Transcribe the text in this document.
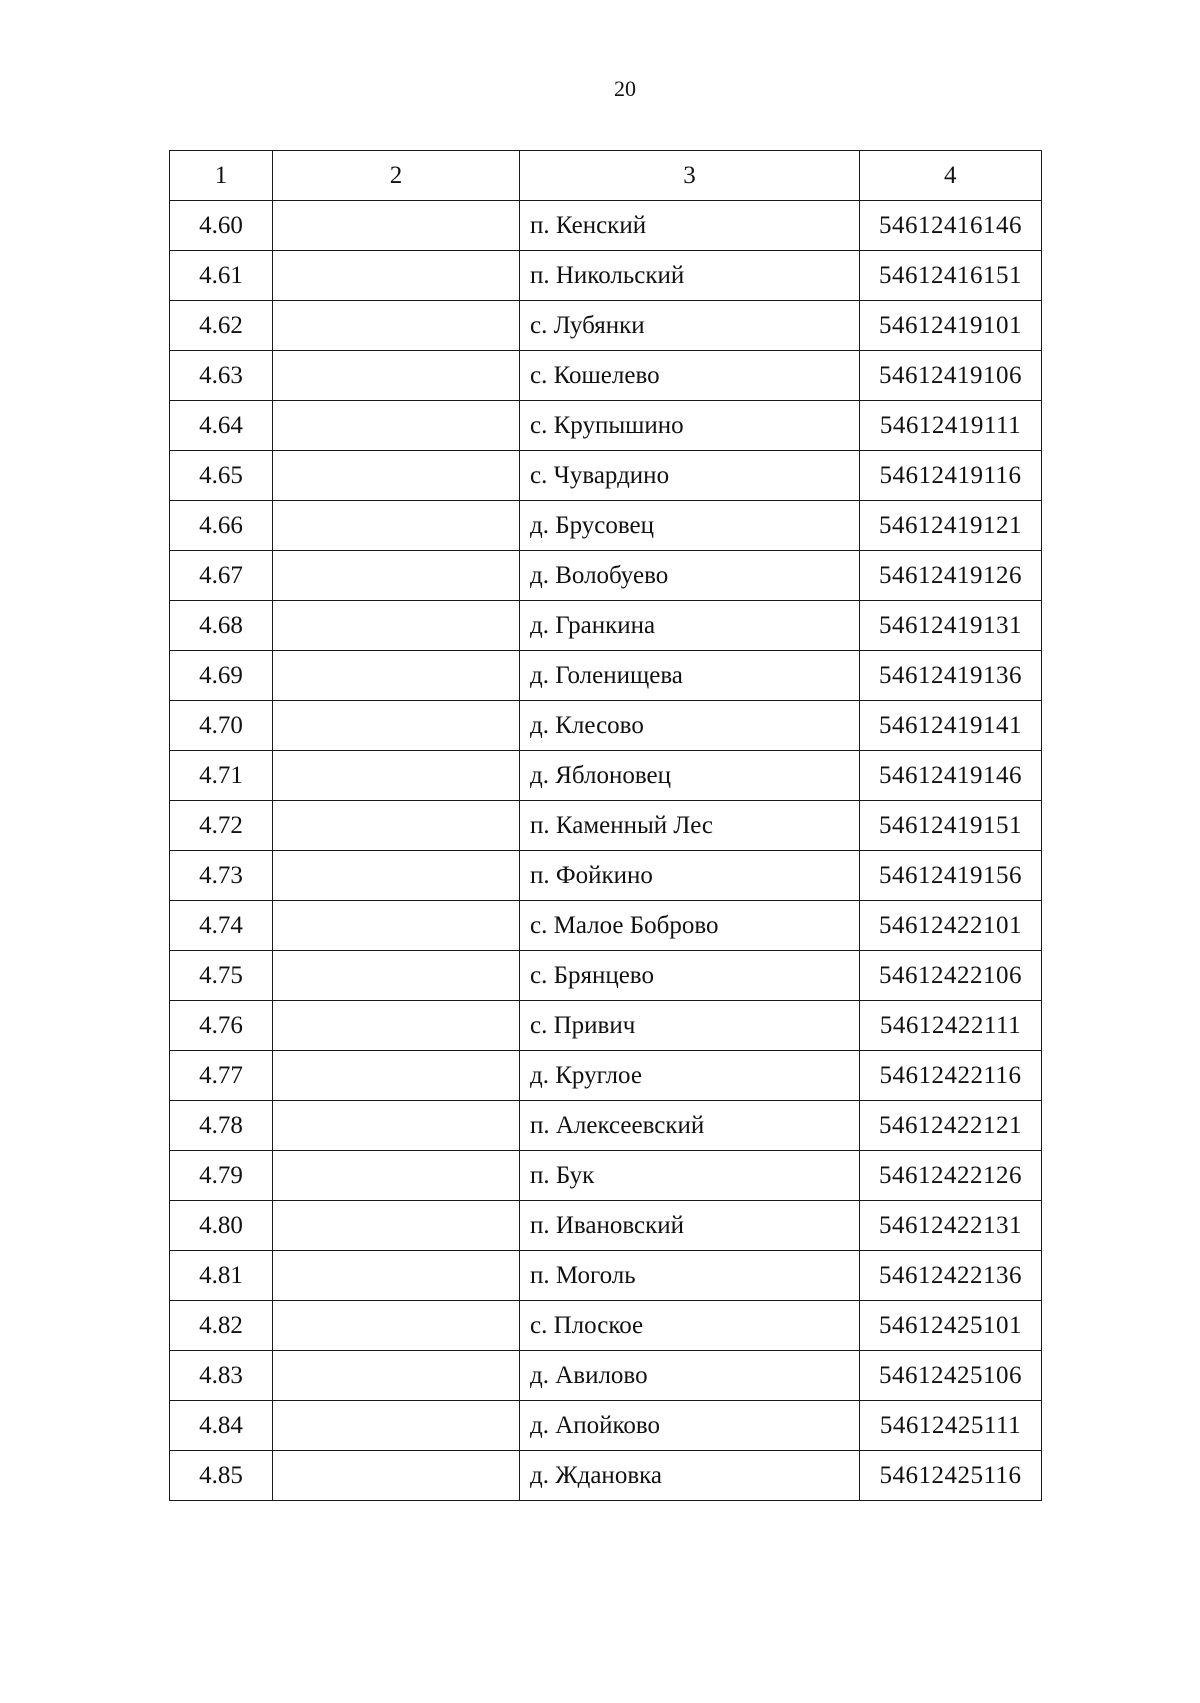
20
1	2	3	4
4.60		п. Кенский	54612416146
4.61		п. Никольский	54612416151
4.62		с. Лубянки	54612419101
4.63		с. Кошелево	54612419106
4.64		с. Крупышино	54612419111
4.65		с. Чувардино	54612419116
4.66		д. Брусовец	54612419121
4.67		д. Волобуево	54612419126
4.68		д. Гранкина	54612419131
4.69		д. Голенищева	54612419136
4.70		д. Клесово	54612419141
4.71		д. Яблоновец	54612419146
4.72		п. Каменный Лес	54612419151
4.73		п. Фойкино	54612419156
4.74		с. Малое Боброво	54612422101
4.75		с. Брянцево	54612422106
4.76		с. Привич	54612422111
4.77		д. Круглое	54612422116
4.78		п. Алексеевский	54612422121
4.79		п. Бук	54612422126
4.80		п. Ивановский	54612422131
4.81		п. Моголь	54612422136
4.82		с. Плоское	54612425101
4.83		д. Авилово	54612425106
4.84		д. Апойково	54612425111
4.85		д. Ждановка	54612425116
